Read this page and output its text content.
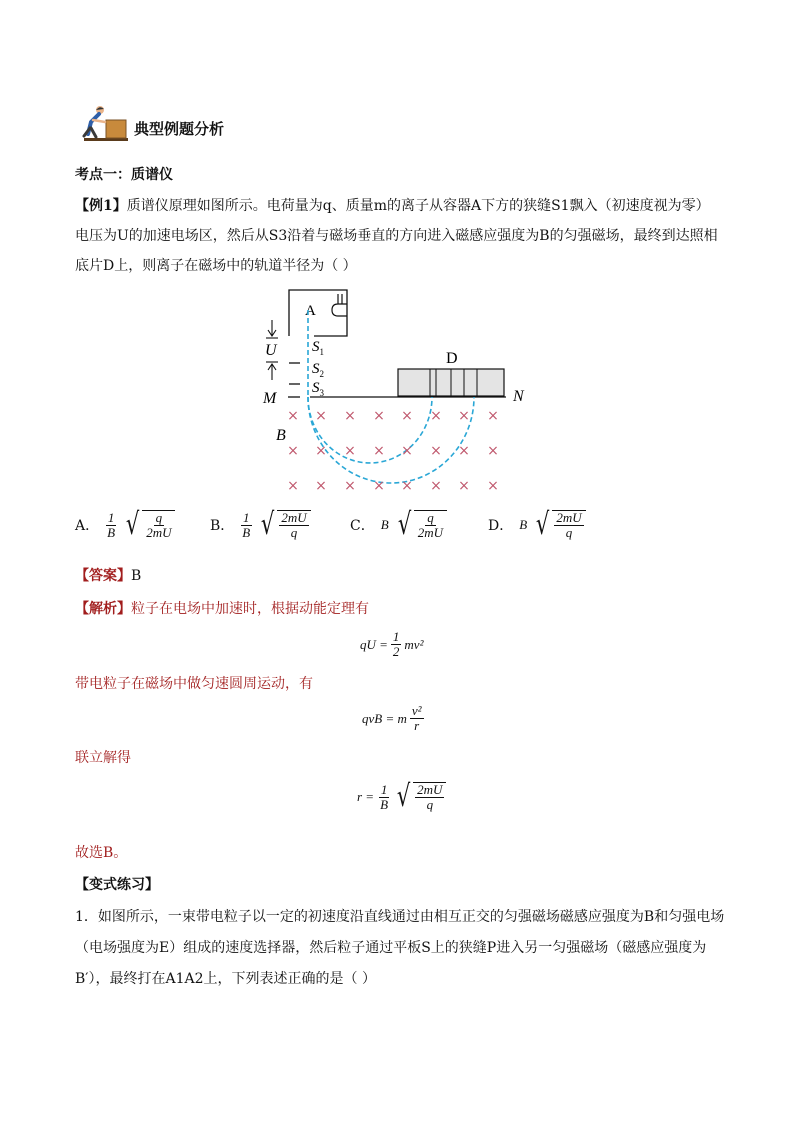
典型例题分析
考点一：质谱仪
【例1】质谱仪原理如图所示。电荷量为q、质量m的离子从容器A下方的狭缝S1飘入（初速度视为零）
电压为U的加速电场区，然后从S3沿着与磁场垂直的方向进入磁感应强度为B的匀强磁场，最终到达照相
底片D上，则离子在磁场中的轨道半径为（ ）
A
U $S_1$
$S_2$
$S_3$
M	N
D
B
× × × × × × × ×
× × × × × × × ×
× × × × × × × ×
A． $\frac{1}{B}$ √ $\frac{q}{2mU}$	B． $\frac{1}{B}$ √ $\frac{2mU}{q}$	C． B √ $\frac{q}{2mU}$	D． B √ $\frac{2mU}{q}$
【答案】B
【解析】粒子在电场中加速时，根据动能定理有
qU = $\frac{1}{2} mv^2$
带电粒子在磁场中做匀速圆周运动，有
qvB = m $\frac{\text{v²}}{r}$
联立解得
$r = \frac{1}{B}$ √ $\frac{2mU}{q}$
故选B。
【变式练习】
1．如图所示，一束带电粒子以一定的初速度沿直线通过由相互正交的匀强磁场磁感应强度为B和匀强电场
（电场强度为E）组成的速度选择器，然后粒子通过平板S上的狭缝P进入另一匀强磁场（磁感应强度为
B′），最终打在A1A2上，下列表述正确的是（ ）
